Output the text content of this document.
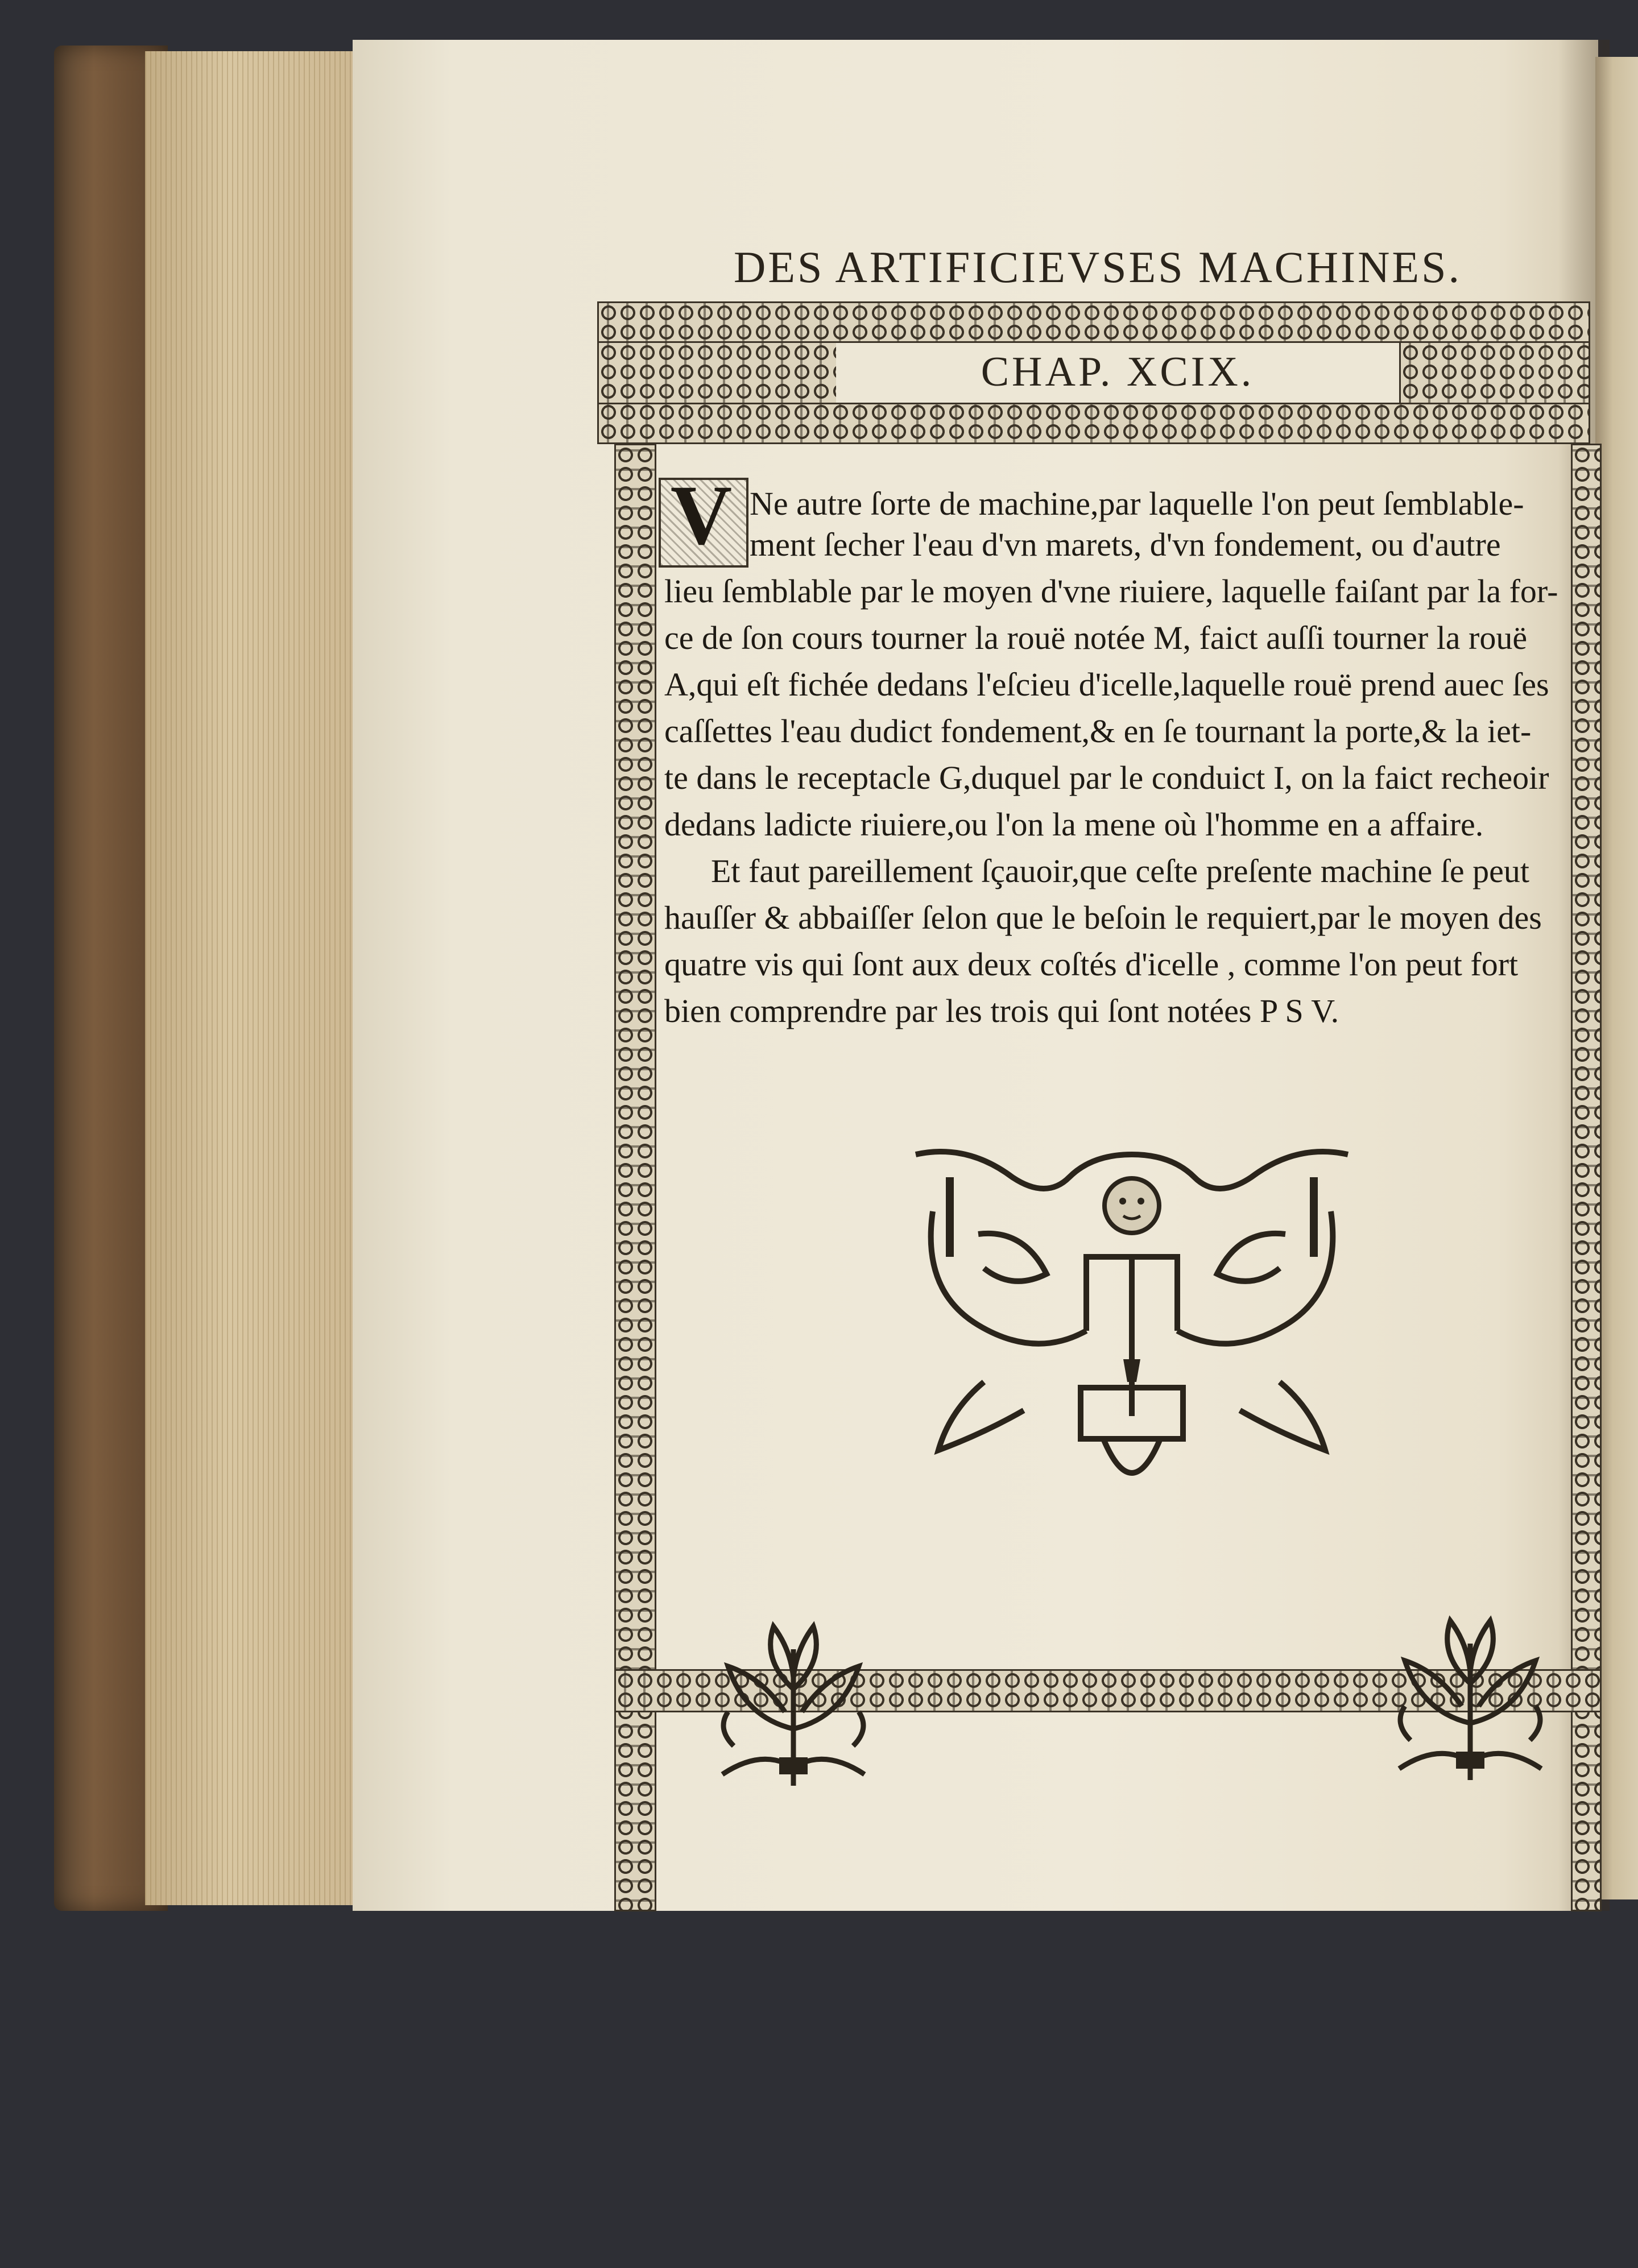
DES ARTIFICIEVSES MACHINES.
CHAP. XCIX.
V Ne autre ſorte de machine,par laquelle l'on peut ſemblable-
ment ſecher l'eau d'vn marets, d'vn fondement, ou d'autre
lieu ſemblable par le moyen d'vne riuiere, laquelle faiſant par la for-
ce de ſon cours tourner la rouë notée M, faict auſſi tourner la rouë
A,qui eſt fichée dedans l'eſcieu d'icelle,laquelle rouë prend auec ſes
caſſettes l'eau dudict fondement,& en ſe tournant la porte,& la iet-
te dans le receptacle G,duquel par le conduict I, on la faict recheoir
dedans ladicte riuiere,ou l'on la mene où l'homme en a affaire.
Et faut pareillement ſçauoir,que ceſte preſente machine ſe peut
hauſſer & abbaiſſer ſelon que le beſoin le requiert,par le moyen des
quatre vis qui ſont aux deux coſtés d'icelle , comme l'on peut fort
bien comprendre par les trois qui ſont notées P S V.
